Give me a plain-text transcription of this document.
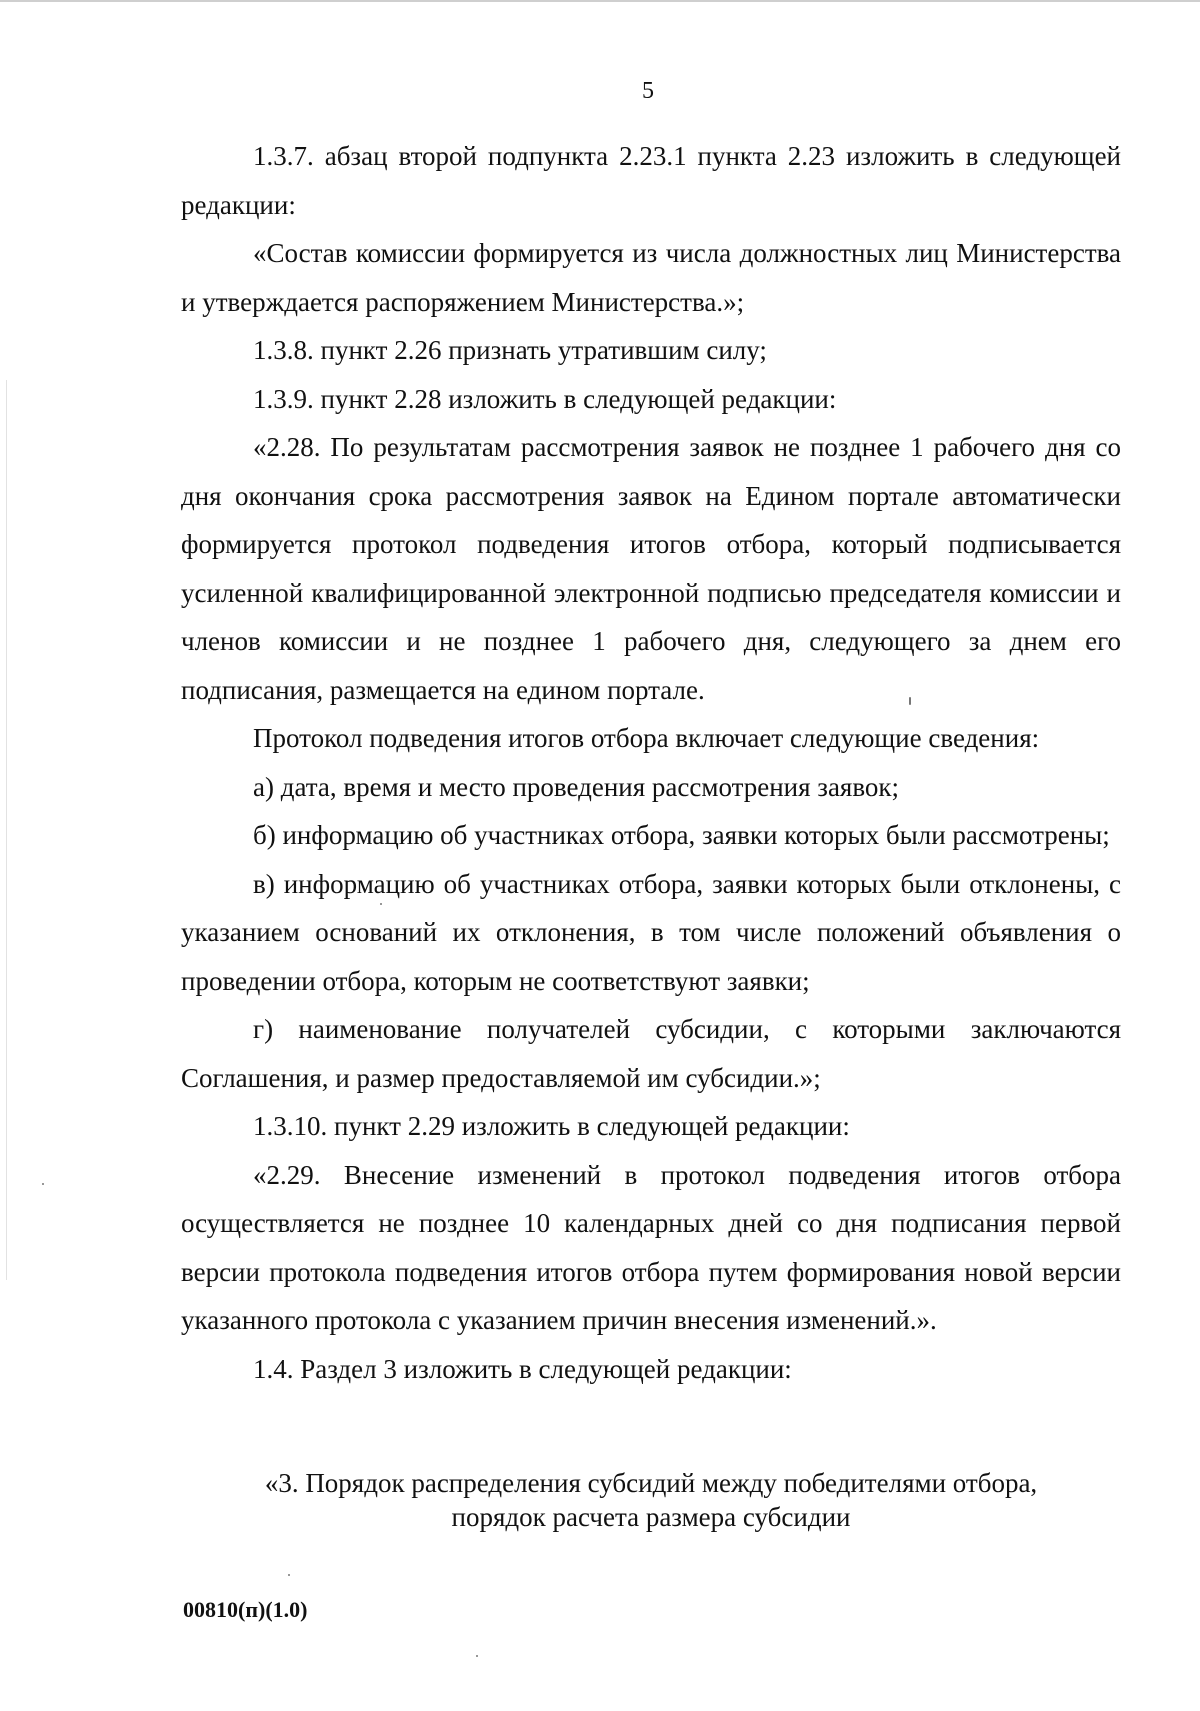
5

1.3.7. абзац второй подпункта 2.23.1 пункта 2.23 изложить в следующей редакции:

«Состав комиссии формируется из числа должностных лиц Министерства и утверждается распоряжением Министерства.»;

1.3.8. пункт 2.26 признать утратившим силу;

1.3.9. пункт 2.28 изложить в следующей редакции:

«2.28. По результатам рассмотрения заявок не позднее 1 рабочего дня со дня окончания срока рассмотрения заявок на Едином портале автоматически формируется протокол подведения итогов отбора, который подписывается усиленной квалифицированной электронной подписью председателя комиссии и членов комиссии и не позднее 1 рабочего дня, следующего за днем его подписания, размещается на едином портале.

Протокол подведения итогов отбора включает следующие сведения:

а) дата, время и место проведения рассмотрения заявок;

б) информацию об участниках отбора, заявки которых были рассмотрены;

в) информацию об участниках отбора, заявки которых были отклонены, с указанием оснований их отклонения, в том числе положений объявления о проведении отбора, которым не соответствуют заявки;

г) наименование получателей субсидии, с которыми заключаются Соглашения, и размер предоставляемой им субсидии.»;

1.3.10. пункт 2.29 изложить в следующей редакции:

«2.29. Внесение изменений в протокол подведения итогов отбора осуществляется не позднее 10 календарных дней со дня подписания первой версии протокола подведения итогов отбора путем формирования новой версии указанного протокола с указанием причин внесения изменений.».

1.4. Раздел 3 изложить в следующей редакции:

«3. Порядок распределения субсидий между победителями отбора,
порядок расчета размера субсидии
00810(п)(1.0)
